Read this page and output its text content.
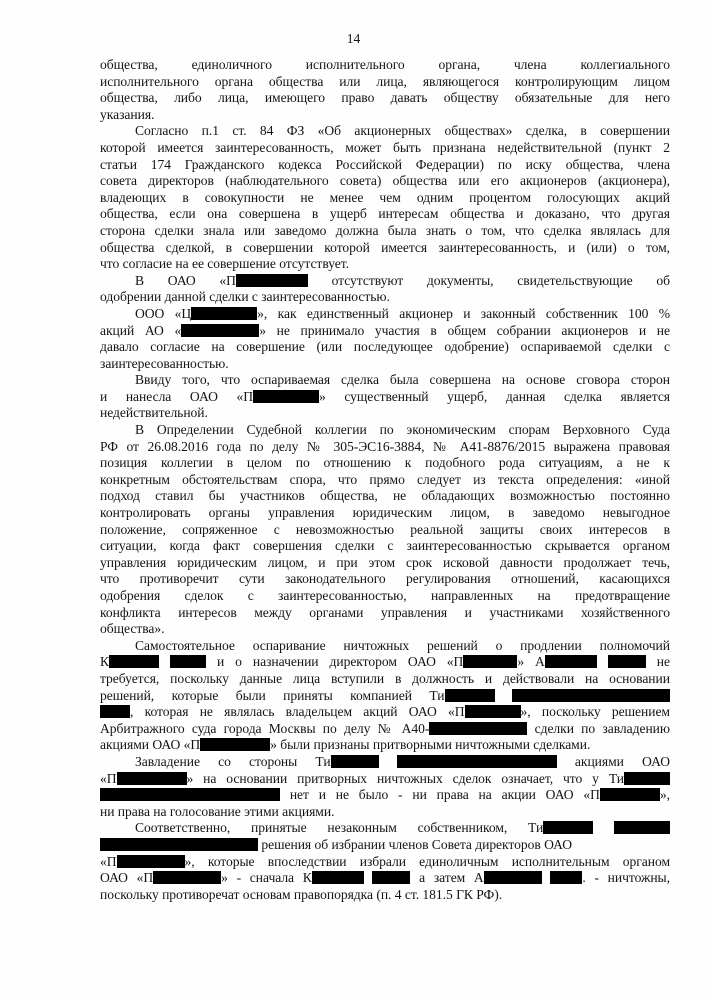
14
общества, единоличного исполнительного органа, члена коллегиального
исполнительного органа общества или лица, являющегося контролирующим лицом
общества, либо лица, имеющего право давать обществу обязательные для него
указания.
Согласно п.1 ст. 84 ФЗ «Об акционерных обществах» сделка, в совершении
которой имеется заинтересованность, может быть признана недействительной (пункт 2
статьи 174 Гражданского кодекса Российской Федерации) по иску общества, члена
совета директоров (наблюдательного совета) общества или его акционеров (акционера),
владеющих в совокупности не менее чем одним процентом голосующих акций
общества, если она совершена в ущерб интересам общества и доказано, что другая
сторона сделки знала или заведомо должна была знать о том, что сделка являлась для
общества сделкой, в совершении которой имеется заинтересованность, и (или) о том,
что согласие на ее совершение отсутствует.
В ОАО «П	отсутствуют документы, свидетельствующие об
одобрении данной сделки с заинтересованностью.
ООО «Ц	», как единственный акционер и законный собственник 100 %
акций АО «	» не принимало участия в общем собрании акционеров и не
давало согласие на совершение (или последующее одобрение) оспариваемой сделки с
заинтересованностью.
Ввиду того, что оспариваемая сделка была совершена на основе сговора сторон
и нанесла ОАО «П	» существенный ущерб, данная сделка является
недействительной.
В Определении Судебной коллегии по экономическим спорам Верховного Суда
РФ от 26.08.2016 года по делу № 305-ЭС16-3884, № А41-8876/2015 выражена правовая
позиция коллегии в целом по отношению к подобного рода ситуациям, а не к
конкретным обстоятельствам спора, что прямо следует из текста определения: «иной
подход ставил бы участников общества, не обладающих возможностью постоянно
контролировать органы управления юридическим лицом, в заведомо невыгодное
положение, сопряженное с невозможностью реальной защиты своих интересов в
ситуации, когда факт совершения сделки с заинтересованностью скрывается органом
управления юридическим лицом, и при этом срок исковой давности продолжает течь,
что противоречит сути законодательного регулирования отношений, касающихся
одобрения сделок с заинтересованностью, направленных на предотвращение
конфликта интересов между органами управления и участниками хозяйственного
общества».
Самостоятельное оспаривание ничтожных решений о продлении полномочий
К	и о назначении директором ОАО «П	» А	не
требуется, поскольку данные лица вступили в должность и действовали на основании
решений, которые были приняты компанией Ти
, которая не являлась владельцем акций ОАО «П	», поскольку решением
Арбитражного суда города Москвы по делу № А40-	сделки по завладению
акциями ОАО «П	» были признаны притворными ничтожными сделками.
Завладение со стороны Ти	акциями ОАО
«П	» на основании притворных ничтожных сделок означает, что у Ти
нет и не было - ни права на акции ОАО «П	»,
ни права на голосование этими акциями.
Соответственно, принятые незаконным собственником, Ти
решения об избрании членов Совета директоров ОАО
«П	», которые впоследствии избрали единоличным исполнительным органом
ОАО «П	» - сначала К	а затем А	. - ничтожны,
поскольку противоречат основам правопорядка (п. 4 ст. 181.5 ГК РФ).
